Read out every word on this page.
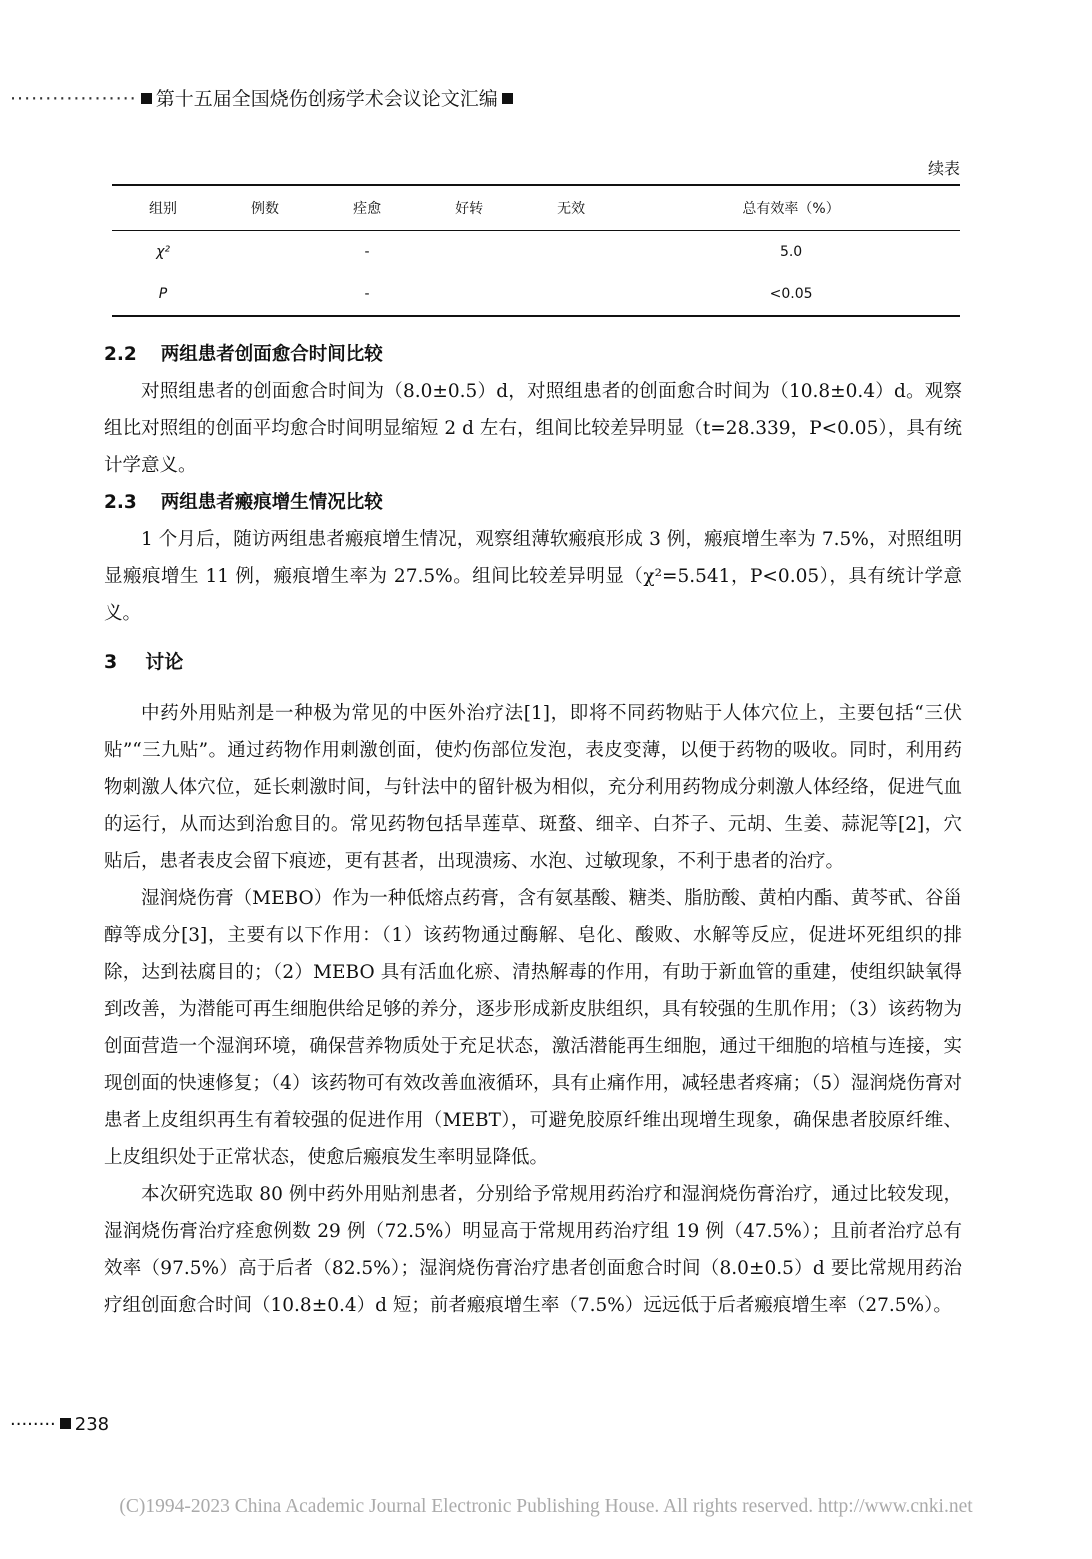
·················· 第十五届全国烧伤创疡学术会议论文汇编
续表
组别	例数	痊愈	好转	无效	总有效率（%）
χ²		-			5.0
P		-			<0.05
2.2 两组患者创面愈合时间比较

对照组患者的创面愈合时间为（8.0±0.5）d，对照组患者的创面愈合时间为（10.8±0.4）d。观察组比对照组的创面平均愈合时间明显缩短 2 d 左右，组间比较差异明显（t=28.339，P<0.05），具有统计学意义。

2.3 两组患者瘢痕增生情况比较

1 个月后，随访两组患者瘢痕增生情况，观察组薄软瘢痕形成 3 例，瘢痕增生率为 7.5%，对照组明显瘢痕增生 11 例，瘢痕增生率为 27.5%。组间比较差异明显（χ²=5.541，P<0.05），具有统计学意义。

3 讨论

中药外用贴剂是一种极为常见的中医外治疗法[1]，即将不同药物贴于人体穴位上，主要包括“三伏贴”“三九贴”。通过药物作用刺激创面，使灼伤部位发泡，表皮变薄，以便于药物的吸收。同时，利用药物刺激人体穴位，延长刺激时间，与针法中的留针极为相似，充分利用药物成分刺激人体经络，促进气血的运行，从而达到治愈目的。常见药物包括旱莲草、斑蝥、细辛、白芥子、元胡、生姜、蒜泥等[2]，穴贴后，患者表皮会留下痕迹，更有甚者，出现溃疡、水泡、过敏现象，不利于患者的治疗。

湿润烧伤膏（MEBO）作为一种低熔点药膏，含有氨基酸、糖类、脂肪酸、黄柏内酯、黄芩甙、谷甾醇等成分[3]，主要有以下作用：（1）该药物通过酶解、皂化、酸败、水解等反应，促进坏死组织的排除，达到祛腐目的；（2）MEBO 具有活血化瘀、清热解毒的作用，有助于新血管的重建，使组织缺氧得到改善，为潜能可再生细胞供给足够的养分，逐步形成新皮肤组织，具有较强的生肌作用；（3）该药物为创面营造一个湿润环境，确保营养物质处于充足状态，激活潜能再生细胞，通过干细胞的培植与连接，实现创面的快速修复；（4）该药物可有效改善血液循环，具有止痛作用，减轻患者疼痛；（5）湿润烧伤膏对患者上皮组织再生有着较强的促进作用（MEBT），可避免胶原纤维出现增生现象，确保患者胶原纤维、上皮组织处于正常状态，使愈后瘢痕发生率明显降低。

本次研究选取 80 例中药外用贴剂患者，分别给予常规用药治疗和湿润烧伤膏治疗，通过比较发现，湿润烧伤膏治疗痊愈例数 29 例（72.5%）明显高于常规用药治疗组 19 例（47.5%）；且前者治疗总有效率（97.5%）高于后者（82.5%）；湿润烧伤膏治疗患者创面愈合时间（8.0±0.5）d 要比常规用药治疗组创面愈合时间（10.8±0.4）d 短；前者瘢痕增生率（7.5%）远远低于后者瘢痕增生率（27.5%）。

········ 238
(C)1994-2023 China Academic Journal Electronic Publishing House. All rights reserved. http://www.cnki.net
